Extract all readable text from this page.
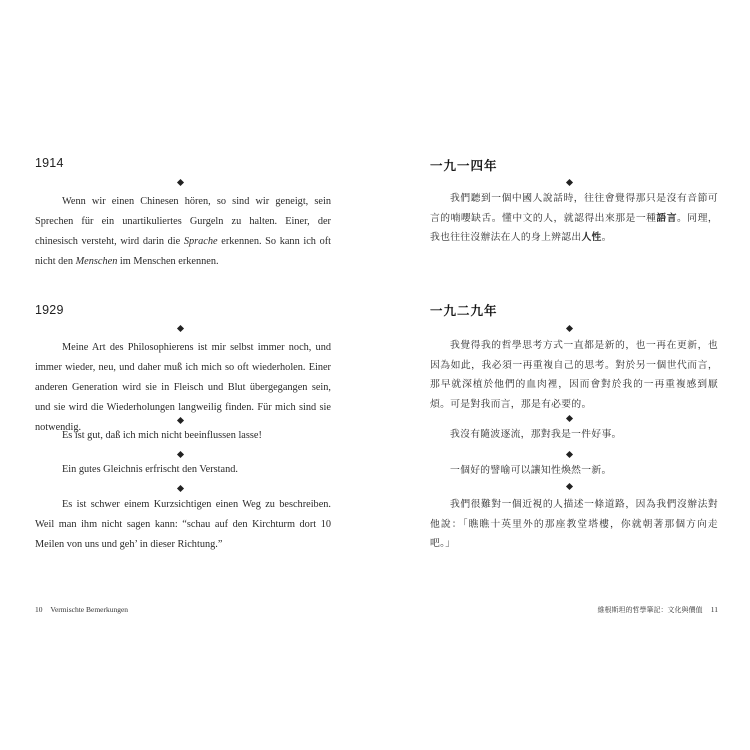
1914
Wenn wir einen Chinesen hören, so sind wir geneigt, sein Sprechen für ein unartikuliertes Gurgeln zu halten. Einer, der chinesisch versteht, wird darin die Sprache erkennen. So kann ich oft nicht den Menschen im Menschen erkennen.
1929
Meine Art des Philosophierens ist mir selbst immer noch, und immer wieder, neu, und daher muß ich mich so oft wiederholen. Einer anderen Generation wird sie in Fleisch und Blut übergegangen sein, und sie wird die Wiederholungen langweilig finden. Für mich sind sie notwendig.
Es ist gut, daß ich mich nicht beeinflussen lasse!
Ein gutes Gleichnis erfrischt den Verstand.
Es ist schwer einem Kurzsichtigen einen Weg zu beschreiben. Weil man ihm nicht sagen kann: “schau auf den Kirchturm dort 10 Meilen von uns und geh’ in dieser Richtung.”
10 Vermischte Bemerkungen
一九一四年
我們聽到一個中國人說話時，往往會覺得那只是沒有音節可言的喃嚶缺舌。懂中文的人，就認得出來那是一種語言。同理，我也往往沒辦法在人的身上辨認出人性。
一九二九年
我覺得我的哲學思考方式一直都是新的，也一再在更新，也因為如此，我必須一再重複自己的思考。對於另一個世代而言，那早就深植於他們的血肉裡，因而會對於我的一再重複感到厭煩。可是對我而言，那是有必要的。
我沒有隨波逐流，那對我是一件好事。
一個好的譬喻可以讓知性煥然一新。
我們很難對一個近視的人描述一條道路，因為我們沒辦法對他說：「瞧瞧十英里外的那座教堂塔樓，你就朝著那個方向走吧。」
維根斯坦的哲學筆記：文化與價值 11
